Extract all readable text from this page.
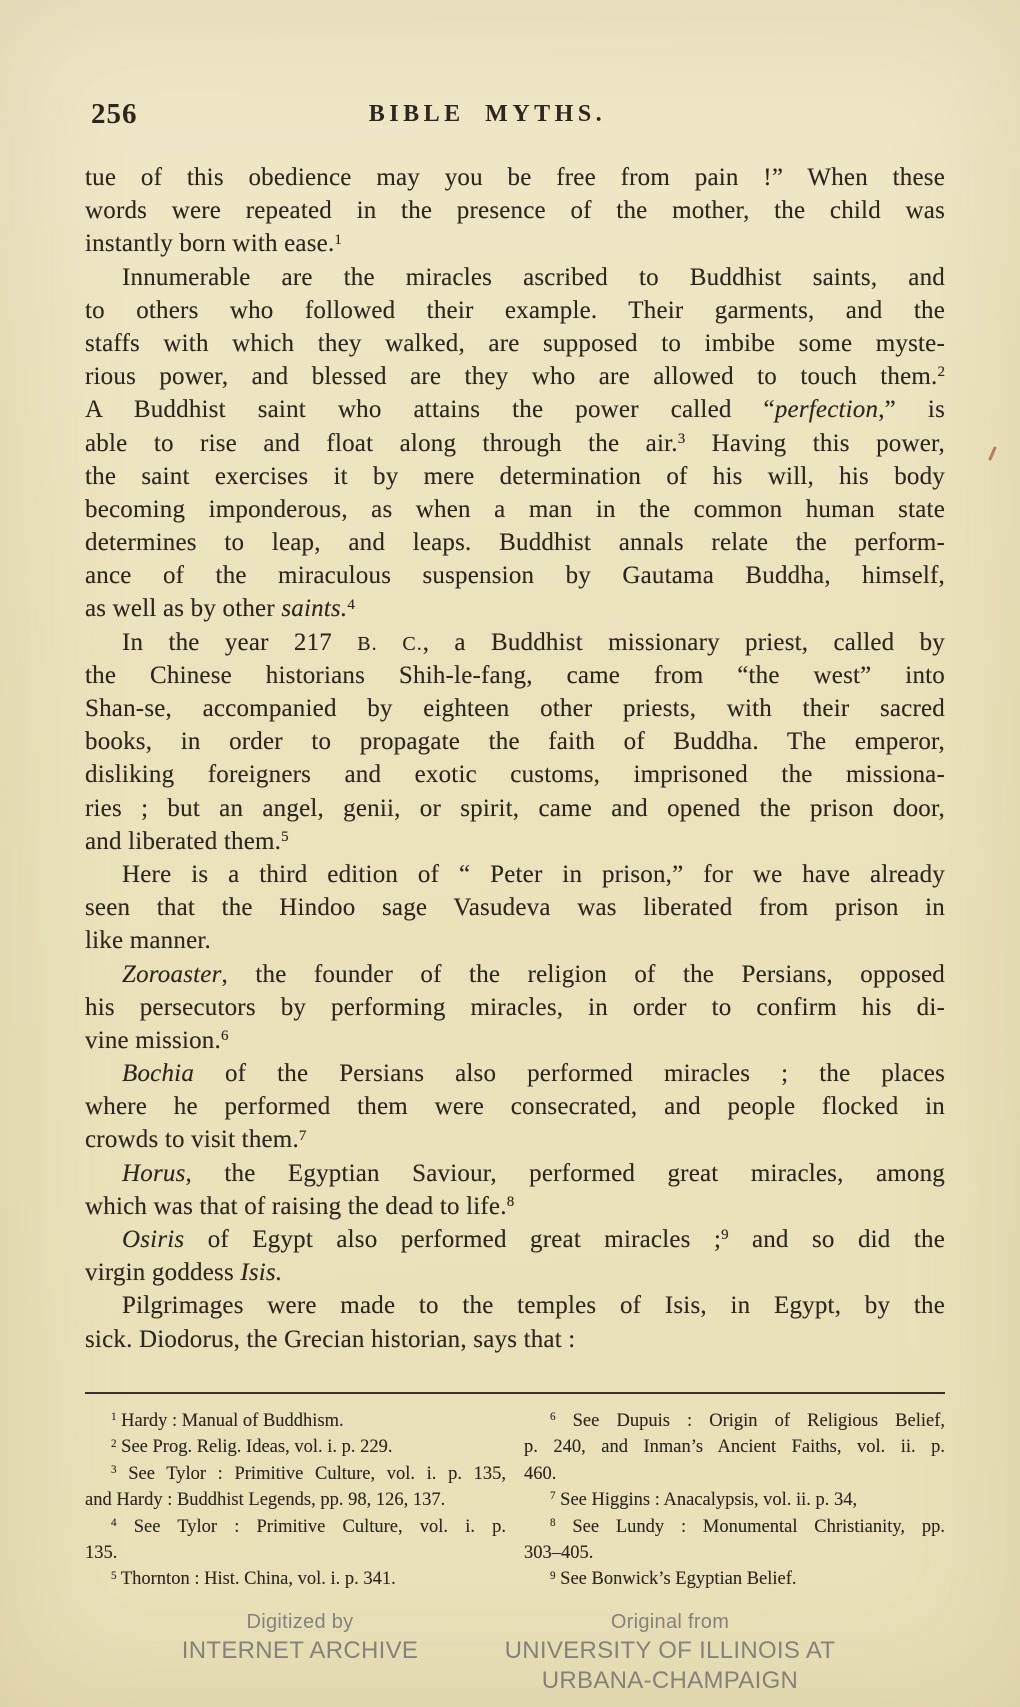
256	BIBLE MYTHS.
tue of this obedience may you be free from pain !” When these
words were repeated in the presence of the mother, the child was
instantly born with ease.$^1$
Innumerable are the miracles ascribed to Buddhist saints, and
to others who followed their example. Their garments, and the
staffs with which they walked, are supposed to imbibe some myste-
rious power, and blessed are they who are allowed to touch them.$^2$
A Buddhist saint who attains the power called “perfection,” is
able to rise and float along through the air.$^3$ Having this power,
the saint exercises it by mere determination of his will, his body
becoming imponderous, as when a man in the common human state
determines to leap, and leaps. Buddhist annals relate the perform-
ance of the miraculous suspension by Gautama Buddha, himself,
as well as by other saints.$^4$
In the year 217 B. C., a Buddhist missionary priest, called by
the Chinese historians Shih-le-fang, came from “the west” into
Shan-se, accompanied by eighteen other priests, with their sacred
books, in order to propagate the faith of Buddha. The emperor,
disliking foreigners and exotic customs, imprisoned the missiona-
ries ; but an angel, genii, or spirit, came and opened the prison door,
and liberated them.$^5$
Here is a third edition of “ Peter in prison,” for we have already
seen that the Hindoo sage Vasudeva was liberated from prison in
like manner.
Zoroaster, the founder of the religion of the Persians, opposed
his persecutors by performing miracles, in order to confirm his di-
vine mission.$^6$
Bochia of the Persians also performed miracles ; the places
where he performed them were consecrated, and people flocked in
crowds to visit them.$^7$
Horus, the Egyptian Saviour, performed great miracles, among
which was that of raising the dead to life.$^8$
Osiris of Egypt also performed great miracles ;$^9$ and so did the
virgin goddess Isis.
Pilgrimages were made to the temples of Isis, in Egypt, by the
sick. Diodorus, the Grecian historian, says that :
$^1$ Hardy : Manual of Buddhism.
$^2$ See Prog. Relig. Ideas, vol. i. p. 229.
$^3$ See Tylor : Primitive Culture, vol. i. p. 135,
and Hardy : Buddhist Legends, pp. 98, 126, 137.
$^4$ See Tylor : Primitive Culture, vol. i. p.
135.
$^5$ Thornton : Hist. China, vol. i. p. 341.
$^6$ See Dupuis : Origin of Religious Belief,
p. 240, and Inman’s Ancient Faiths, vol. ii. p.
460.
$^7$ See Higgins : Anacalypsis, vol. ii. p. 34,
$^8$ See Lundy : Monumental Christianity, pp.
303–405.
$^9$ See Bonwick’s Egyptian Belief.
Digitized by
INTERNET ARCHIVE
Original from
UNIVERSITY OF ILLINOIS AT
URBANA-CHAMPAIGN
